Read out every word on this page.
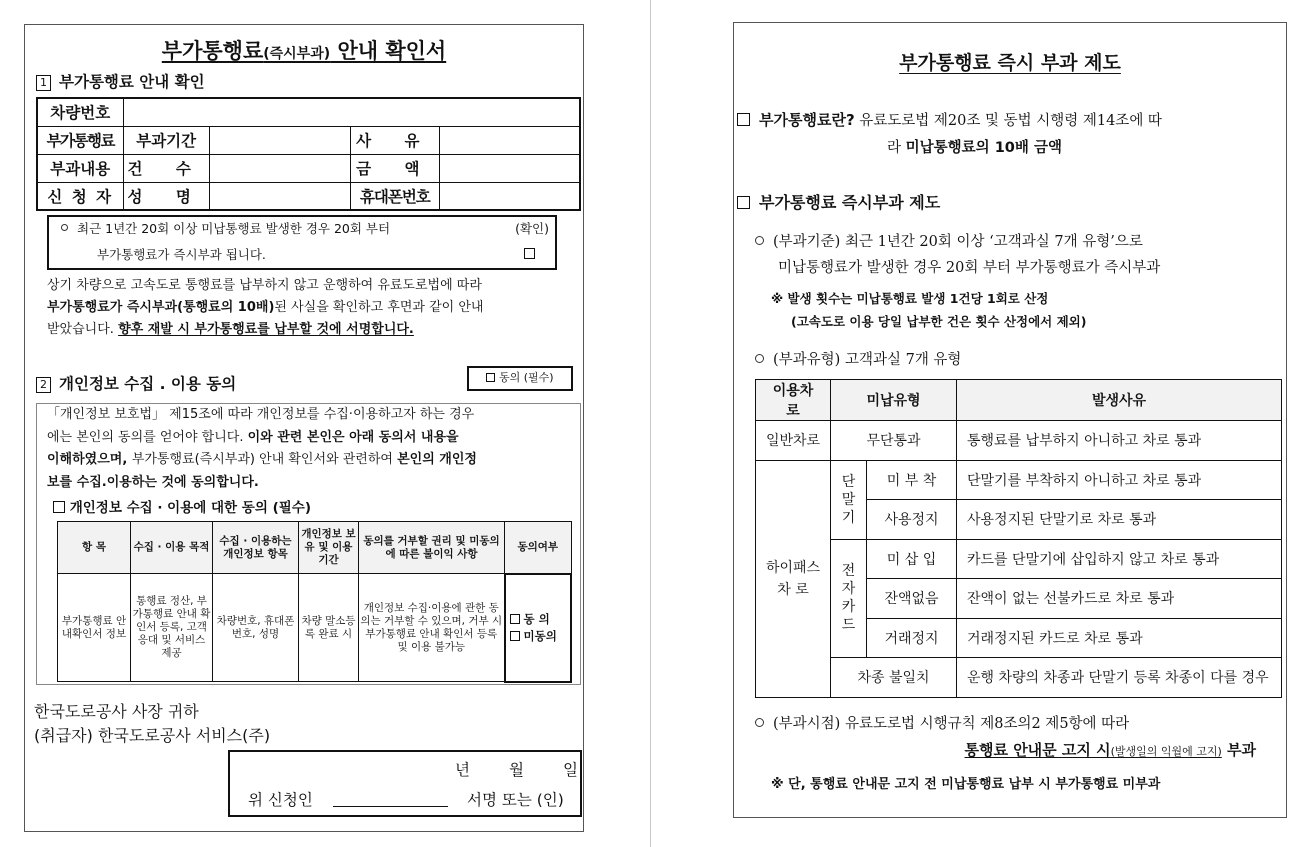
부가통행료(즉시부과) 안내 확인서
1 부가통행료 안내 확인
차량번호				
부가통행료	부과기간		사 유	
부과내용	건 수		금 액	
신 청 자	성 명		휴대폰번호	
최근 1년간 20회 이상 미납통행료 발생한 경우 20회 부터	(확인)
부가통행료가 즉시부과 됩니다.
상기 차량으로 고속도로 통행료를 납부하지 않고 운행하여 유료도로법에 따라
부가통행료가 즉시부과(통행료의 10배)된 사실을 확인하고 후면과 같이 안내
받았습니다. 향후 재발 시 부가통행료를 납부할 것에 서명합니다.
2 개인정보 수집 . 이용 동의	동의 (필수)
「개인정보 보호법」 제15조에 따라 개인정보를 수집·이용하고자 하는 경우
에는 본인의 동의를 얻어야 합니다. 이와 관련 본인은 아래 동의서 내용을
이해하였으며, 부가통행료(즉시부과) 안내 확인서와 관련하여 본인의 개인정
보를 수집.이용하는 것에 동의합니다.
개인정보 수집 · 이용에 대한 동의 (필수)
항 목	수집 · 이용 목적	수집 · 이용하는 개인정보 항목	개인정보 보유 및 이용기간	동의를 거부할 권리 및 미동의에 따른 불이익 사항	동의여부
부가통행료 안내확인서 정보	통행료 정산, 부가통행료 안내 확인서 등록, 고객응대 및 서비스 제공	차량번호, 휴대폰번호, 성명	차량 말소등록 완료 시	개인정보 수집·이용에 관한 동의는 거부할 수 있으며, 거부 시 부가통행료 안내 확인서 등록 및 이용 불가능	동 의
미동의
한국도로공사 사장 귀하
(취급자) 한국도로공사 서비스(주)
년	월	일
위 신청인	서명 또는 (인)
부가통행료 즉시 부과 제도
부가통행료란? 유료도로법 제20조 및 동법 시행령 제14조에 따
라 미납통행료의 10배 금액
부가통행료 즉시부과 제도
(부과기준) 최근 1년간 20회 이상 ‘고객과실 7개 유형’으로
미납통행료가 발생한 경우 20회 부터 부가통행료가 즉시부과
※ 발생 횟수는 미납통행료 발생 1건당 1회로 산정
(고속도로 이용 당일 납부한 건은 횟수 산정에서 제외)
(부과유형) 고객과실 7개 유형
이용차로	미납유형		발생사유
일반차로	무단통과		통행료를 납부하지 아니하고 차로 통과
하이패스 차 로	단말기	미 부 착	단말기를 부착하지 아니하고 차로 통과
		사용정지	사용정지된 단말기로 차로 통과
	전자카드	미 삽 입	카드를 단말기에 삽입하지 않고 차로 통과
		잔액없음	잔액이 없는 선불카드로 차로 통과
		거래정지	거래정지된 카드로 차로 통과
	차종 불일치		운행 차량의 차종과 단말기 등록 차종이 다를 경우
(부과시점) 유료도로법 시행규칙 제8조의2 제5항에 따라
통행료 안내문 고지 시(발생일의 익월에 고지) 부과
※ 단, 통행료 안내문 고지 전 미납통행료 납부 시 부가통행료 미부과
